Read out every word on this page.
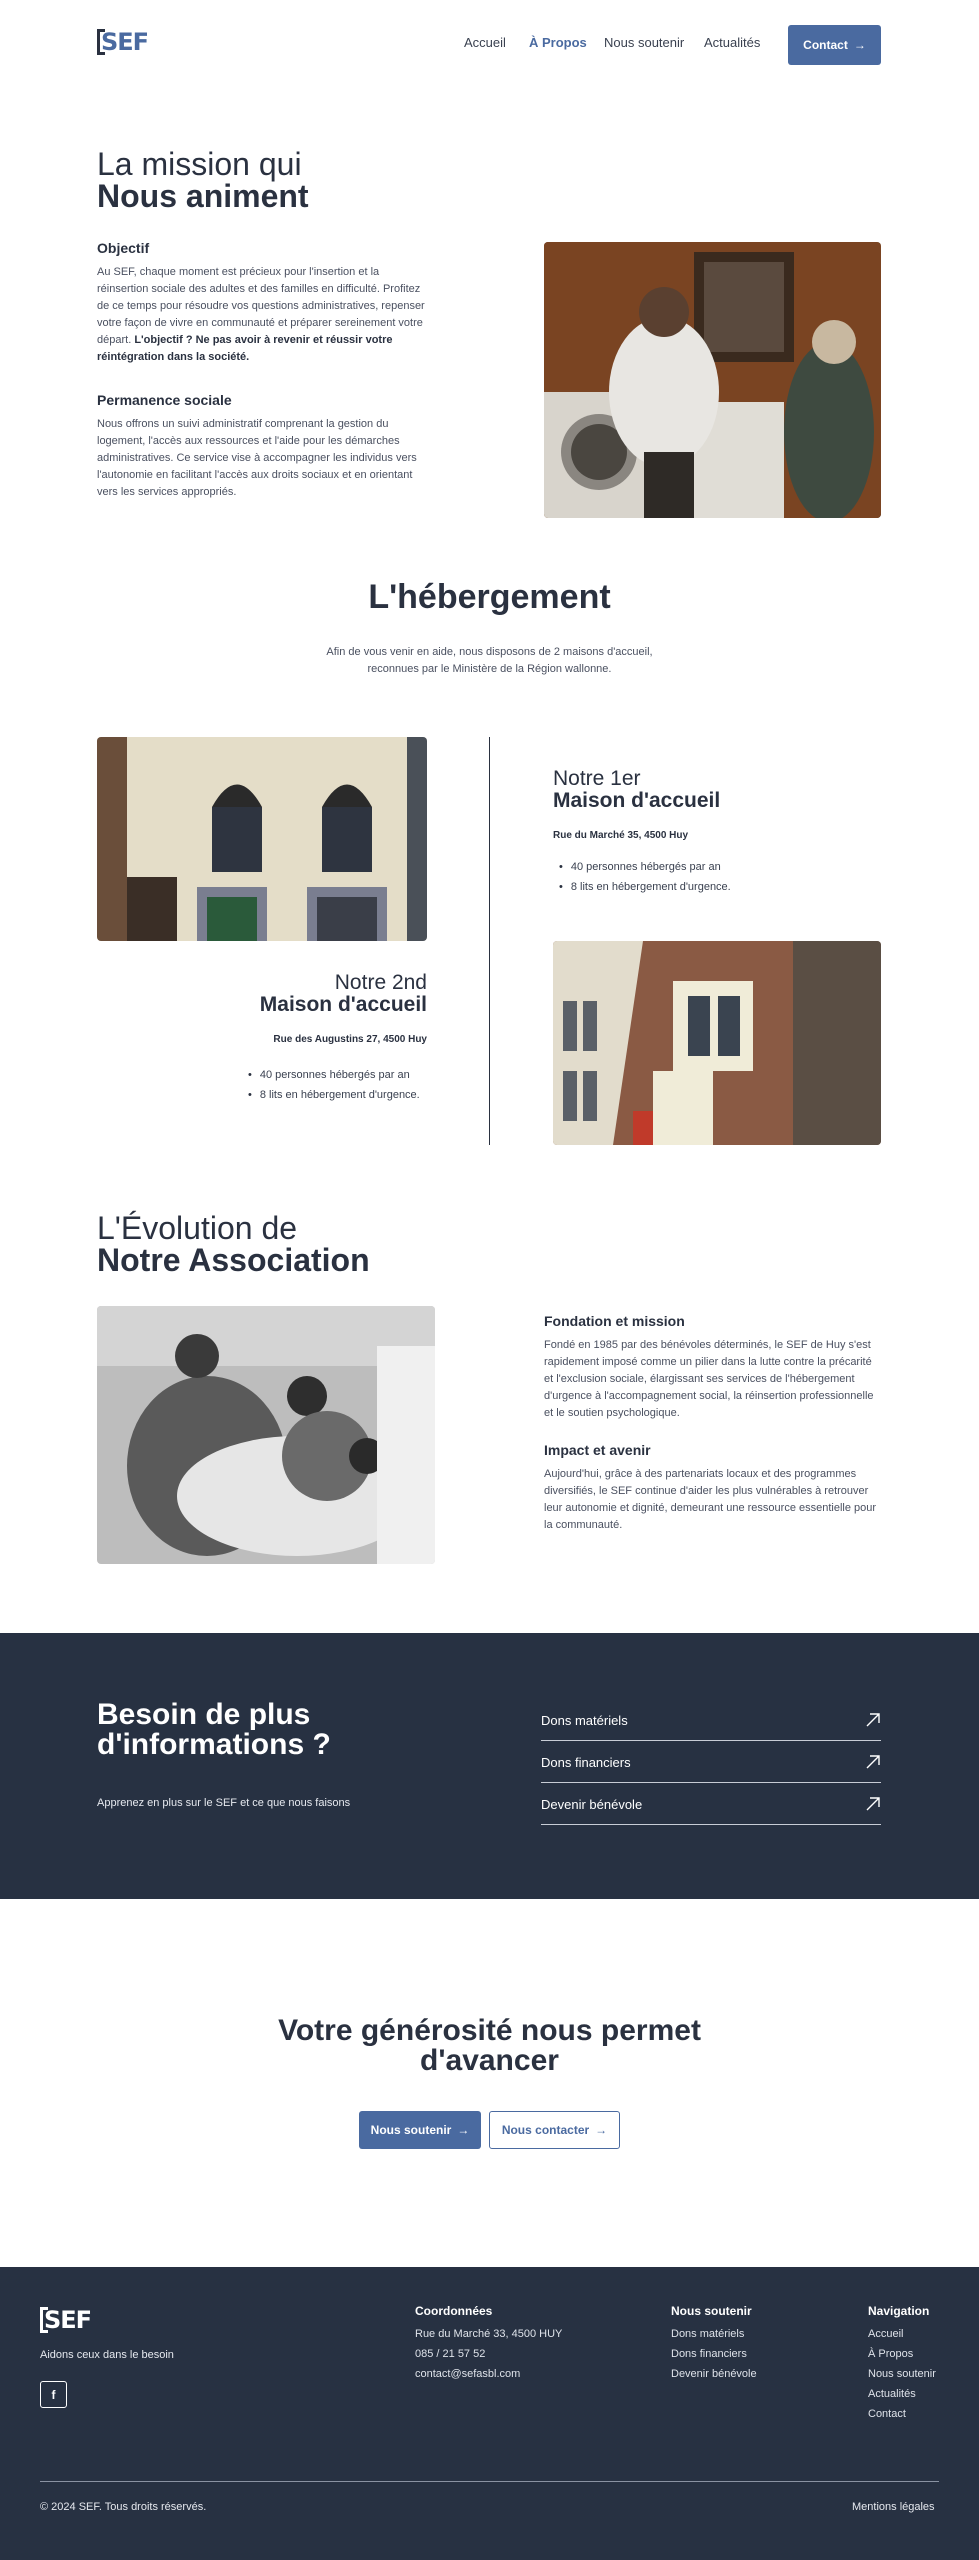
SEF	Accueil À Propos Nous soutenir Actualités	Contact →
La mission qui
Nous animent
Objectif

Au SEF, chaque moment est précieux pour l'insertion et la réinsertion sociale des adultes et des familles en difficulté. Profitez de ce temps pour résoudre vos questions administratives, repenser votre façon de vivre en communauté et préparer sereinement votre départ. L'objectif ? Ne pas avoir à revenir et réussir votre réintégration dans la société.

Permanence sociale

Nous offrons un suivi administratif comprenant la gestion du logement, l'accès aux ressources et l'aide pour les démarches administratives. Ce service vise à accompagner les individus vers l'autonomie en facilitant l'accès aux droits sociaux et en orientant vers les services appropriés.

L'hébergement

Afin de vous venir en aide, nous disposons de 2 maisons d'accueil, reconnues par le Ministère de la Région wallonne.

Notre 1er
Maison d'accueil
Rue du Marché 35, 4500 Huy
• 40 personnes hébergés par an
• 8 lits en hébergement d'urgence.
Notre 2nd
Maison d'accueil
Rue des Augustins 27, 4500 Huy
• 40 personnes hébergés par an
• 8 lits en hébergement d'urgence.
L'Évolution de
Notre Association
Fondation et mission

Fondé en 1985 par des bénévoles déterminés, le SEF de Huy s'est rapidement imposé comme un pilier dans la lutte contre la précarité et l'exclusion sociale, élargissant ses services de l'hébergement d'urgence à l'accompagnement social, la réinsertion professionnelle et le soutien psychologique.

Impact et avenir

Aujourd'hui, grâce à des partenariats locaux et des programmes diversifiés, le SEF continue d'aider les plus vulnérables à retrouver leur autonomie et dignité, demeurant une ressource essentielle pour la communauté.

Besoin de plus
d'informations ?
Apprenez en plus sur le SEF et ce que nous faisons
Dons matériels
Dons financiers
Devenir bénévole
Votre générosité nous permet
d'avancer
Nous soutenir →	Nous contacter →
SEF
Aidons ceux dans le besoin
f
Coordonnées
Rue du Marché 33, 4500 HUY
085 / 21 57 52
contact@sefasbl.com
Nous soutenir
Dons matériels
Dons financiers
Devenir bénévole
Navigation
Accueil
À Propos
Nous soutenir
Actualités
Contact
© 2024 SEF. Tous droits réservés.	Mentions légales
